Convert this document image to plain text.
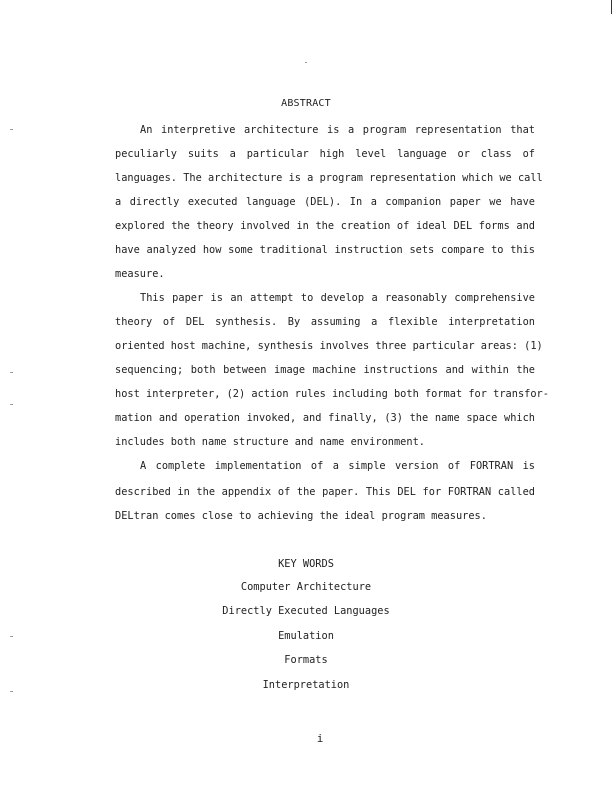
ABSTRACT
An interpretive architecture is a program representation that
peculiarly suits a particular high level language or class of
languages. The architecture is a program representation which we call
a directly executed language (DEL). In a companion paper we have
explored the theory involved in the creation of ideal DEL forms and
have analyzed how some traditional instruction sets compare to this
measure.
This paper is an attempt to develop a reasonably comprehensive
theory of DEL synthesis. By assuming a flexible interpretation
oriented host machine, synthesis involves three particular areas: (1)
sequencing; both between image machine instructions and within the
host interpreter, (2) action rules including both format for transfor-
mation and operation invoked, and finally, (3) the name space which
includes both name structure and name environment.
A complete implementation of a simple version of FORTRAN is
described in the appendix of the paper. This DEL for FORTRAN called
DELtran comes close to achieving the ideal program measures.
KEY WORDS
Computer Architecture
Directly Executed Languages
Emulation
Formats
Interpretation
i
